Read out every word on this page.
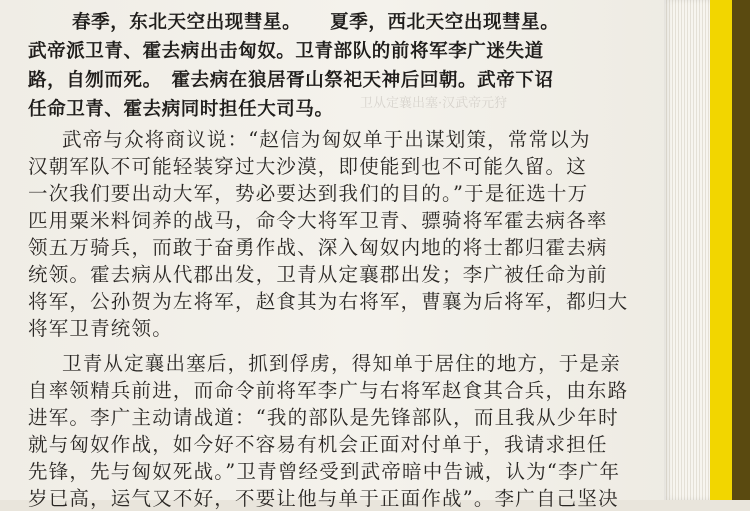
卫从定襄出塞·汉武帝元狩
春季，东北天空出现彗星。　　夏季，西北天空出现彗星。
武帝派卫青、霍去病出击匈奴。卫青部队的前将军李广迷失道
路，自刎而死。　霍去病在狼居胥山祭祀天神后回朝。武帝下诏
任命卫青、霍去病同时担任大司马。
武帝与众将商议说：“赵信为匈奴单于出谋划策，常常以为
汉朝军队不可能轻装穿过大沙漠，即使能到也不可能久留。这
一次我们要出动大军，势必要达到我们的目的。”于是征选十万
匹用粟米料饲养的战马，命令大将军卫青、骠骑将军霍去病各率
领五万骑兵，而敢于奋勇作战、深入匈奴内地的将士都归霍去病
统领。霍去病从代郡出发，卫青从定襄郡出发；李广被任命为前
将军，公孙贺为左将军，赵食其为右将军，曹襄为后将军，都归大
将军卫青统领。
卫青从定襄出塞后，抓到俘虏，得知单于居住的地方，于是亲
自率领精兵前进，而命令前将军李广与右将军赵食其合兵，由东路
进军。李广主动请战道：“我的部队是先锋部队，而且我从少年时
就与匈奴作战，如今好不容易有机会正面对付单于，我请求担任
先锋，先与匈奴死战。”卫青曾经受到武帝暗中告诫，认为“李广年
岁已高，运气又不好，不要让他与单于正面作战”。李广自己坚决
